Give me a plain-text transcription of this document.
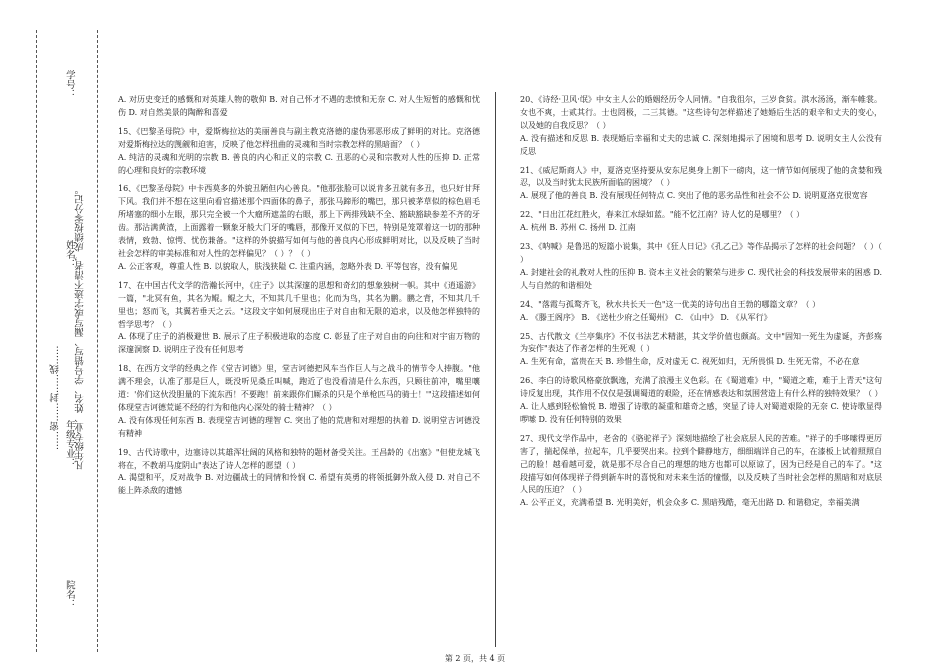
学号：
凡年级专业、姓名、学号错写、漏写或字迹不清者，成绩按零分记。
姓名：
……密……封……线…… 年级专业：
院名：

A. 对历史变迁的感慨和对英雄人物的敬仰 B. 对自己怀才不遇的悲愤和无奈 C. 对人生短暂的感慨和忧伤 D. 对自然美景的陶醉和喜爱

15、《巴黎圣母院》中，爱斯梅拉达的美丽善良与副主教克洛德的虚伪邪恶形成了鲜明的对比。克洛德对爱斯梅拉达的觊觎和迫害，反映了他怎样扭曲的灵魂和当时宗教怎样的黑暗面？（ ）

A. 纯洁的灵魂和光明的宗教 B. 善良的内心和正义的宗教 C. 丑恶的心灵和宗教对人性的压抑 D. 正常的心理和良好的宗教环境

16、《巴黎圣母院》中卡西莫多的外貌丑陋但内心善良。"他那张脸可以说肯多丑就有多丑，也只好甘拜下风。我们并不想在这里向看官描述那个四面体的鼻子，那张马蹄形的嘴巴，那只被茅草似的棕色眉毛所堵塞的细小左眼，那只完全被一个大瘤所遮盖的右眼，那上下两排残缺不全、豁缺豁缺参差不齐的牙齿。那沾满黄渣，上面露着一颗象牙般大门牙的嘴唇，那像开叉似的下巴，特别是笼罩着这一切的那种表情，致勃、惊愕、忧伤兼备。"这样的外貌描写如何与他的善良内心形成鲜明对比，以及反映了当时社会怎样的审美标准和对人性的怎样偏见？（ ）？（ ）

A. 公正客观，尊重人性 B. 以貌取人，肤浅狭隘 C. 注重内涵，忽略外表 D. 平等包容，没有偏见

17、在中国古代文学的浩瀚长河中，《庄子》以其深邃的思想和奇幻的想象独树一帜。其中《逍遥游》一篇，"北冥有鱼，其名为鲲。鲲之大，不知其几千里也；化而为鸟，其名为鹏。鹏之背，不知其几千里也；怒而飞，其翼若垂天之云。"这段文字如何展现出庄子对自由和无限的追求，以及他怎样独特的哲学思考？（ ）

A. 体现了庄子的消极避世 B. 展示了庄子积极进取的态度 C. 彰显了庄子对自由的向往和对宇宙万物的深邃洞察 D. 说明庄子没有任何思考

18、在西方文学的经典之作《堂吉诃德》里，堂吉诃德把风车当作巨人与之战斗的情节令人捧腹。"他满不理会，认准了那是巨人，既没听见桑丘叫喊，跑近了也没看清是什么东西，只顾往前冲，嘴里嚷道：'你们这伙没胆量的下流东西！不要跑！前来跟你们厮杀的只是个单枪匹马的骑士！'"这段描述如何体现堂吉诃德荒诞不经的行为和他内心深处的骑士精神？（ ）

A. 没有体现任何东西 B. 表现堂吉诃德的理智 C. 突出了他的荒唐和对理想的执着 D. 说明堂吉诃德没有精神

19、古代诗歌中，边塞诗以其雄浑壮阔的风格和独特的题材备受关注。王昌龄的《出塞》"但使龙城飞将在，不教胡马度阴山"表达了诗人怎样的愿望（ ）

A. 渴望和平，反对战争 B. 对边疆战士的同情和怜悯 C. 希望有英勇的将领抵御外敌入侵 D. 对自己不能上阵杀敌的遗憾

20、《诗经·卫风·氓》中女主人公的婚姻经历令人同情。"自我徂尔，三岁食贫。淇水汤汤，渐车帷裳。女也不爽，士贰其行。士也罔极，二三其德。"这些诗句怎样描述了她婚后生活的艰辛和丈夫的变心，以及她的自我反思？（ ）

A. 没有描述和反思 B. 表现婚后幸福和丈夫的忠诚 C. 深刻地揭示了困境和思考 D. 说明女主人公没有反思

21、《威尼斯商人》中，夏洛克坚持要从安东尼奥身上割下一磅肉，这一情节如何展现了他的贪婪和残忍，以及当时犹太民族所面临的困境？（ ）

A. 展现了他的善良 B. 没有展现任何特点 C. 突出了他的恶劣品性和社会不公 D. 说明夏洛克很宽容

22、"日出江花红胜火，春来江水绿如蓝。"能不忆江南？诗人忆的是哪里？（ ）

A. 杭州 B. 苏州 C. 扬州 D. 江南

23、《呐喊》是鲁迅的短篇小说集，其中《狂人日记》《孔乙己》等作品揭示了怎样的社会问题？（ ）（ ）

A. 封建社会的礼教对人性的压抑 B. 资本主义社会的繁荣与进步 C. 现代社会的科技发展带来的困惑 D. 人与自然的和谐相处

24、"落霞与孤鹜齐飞，秋水共长天一色"这一优美的诗句出自王勃的哪篇文章？（ ）

A. 《滕王阁序》 B. 《送杜少府之任蜀州》 C. 《山中》 D. 《从军行》

25、古代散文《兰亭集序》不仅书法艺术精湛，其文学价值也颇高。文中"固知一死生为虚诞，齐彭殇为妄作"表达了作者怎样的生死观（ ）

A. 生死有命，富贵在天 B. 珍惜生命，反对虚无 C. 视死如归，无所畏惧 D. 生死无常，不必在意

26、李白的诗歌风格豪放飘逸，充满了浪漫主义色彩。在《蜀道难》中，"蜀道之难，难于上青天"这句诗反复出现，其作用不仅仅是强调蜀道的艰险，还在情感表达和氛围营造上有什么样的独特效果？（ ）

A. 让人感到轻松愉悦 B. 增强了诗歌的凝重和雄奇之感，突显了诗人对蜀道艰险的无奈 C. 使诗歌显得啰嗦 D. 没有任何特别的效果

27、现代文学作品中，老舍的《骆驼祥子》深刻地描绘了社会底层人民的苦难。"祥子的手哆嗦得更厉害了，揣起保单，拉起车，几乎要哭出来。拉到个僻静地方，细细端详自己的车，在漆板上试着照照自己的脸！越看越可爱，就是那不尽合自己的理想的地方也都可以原谅了，因为已经是自己的车了。"这段描写如何体现祥子得到新车时的喜悦和对未来生活的憧憬，以及反映了当时社会怎样的黑暗和对底层人民的压迫？（ ）

A. 公平正义，充满希望 B. 光明美好，机会众多 C. 黑暗残酷，毫无出路 D. 和谐稳定，幸福美满

第 2 页，共 4 页
